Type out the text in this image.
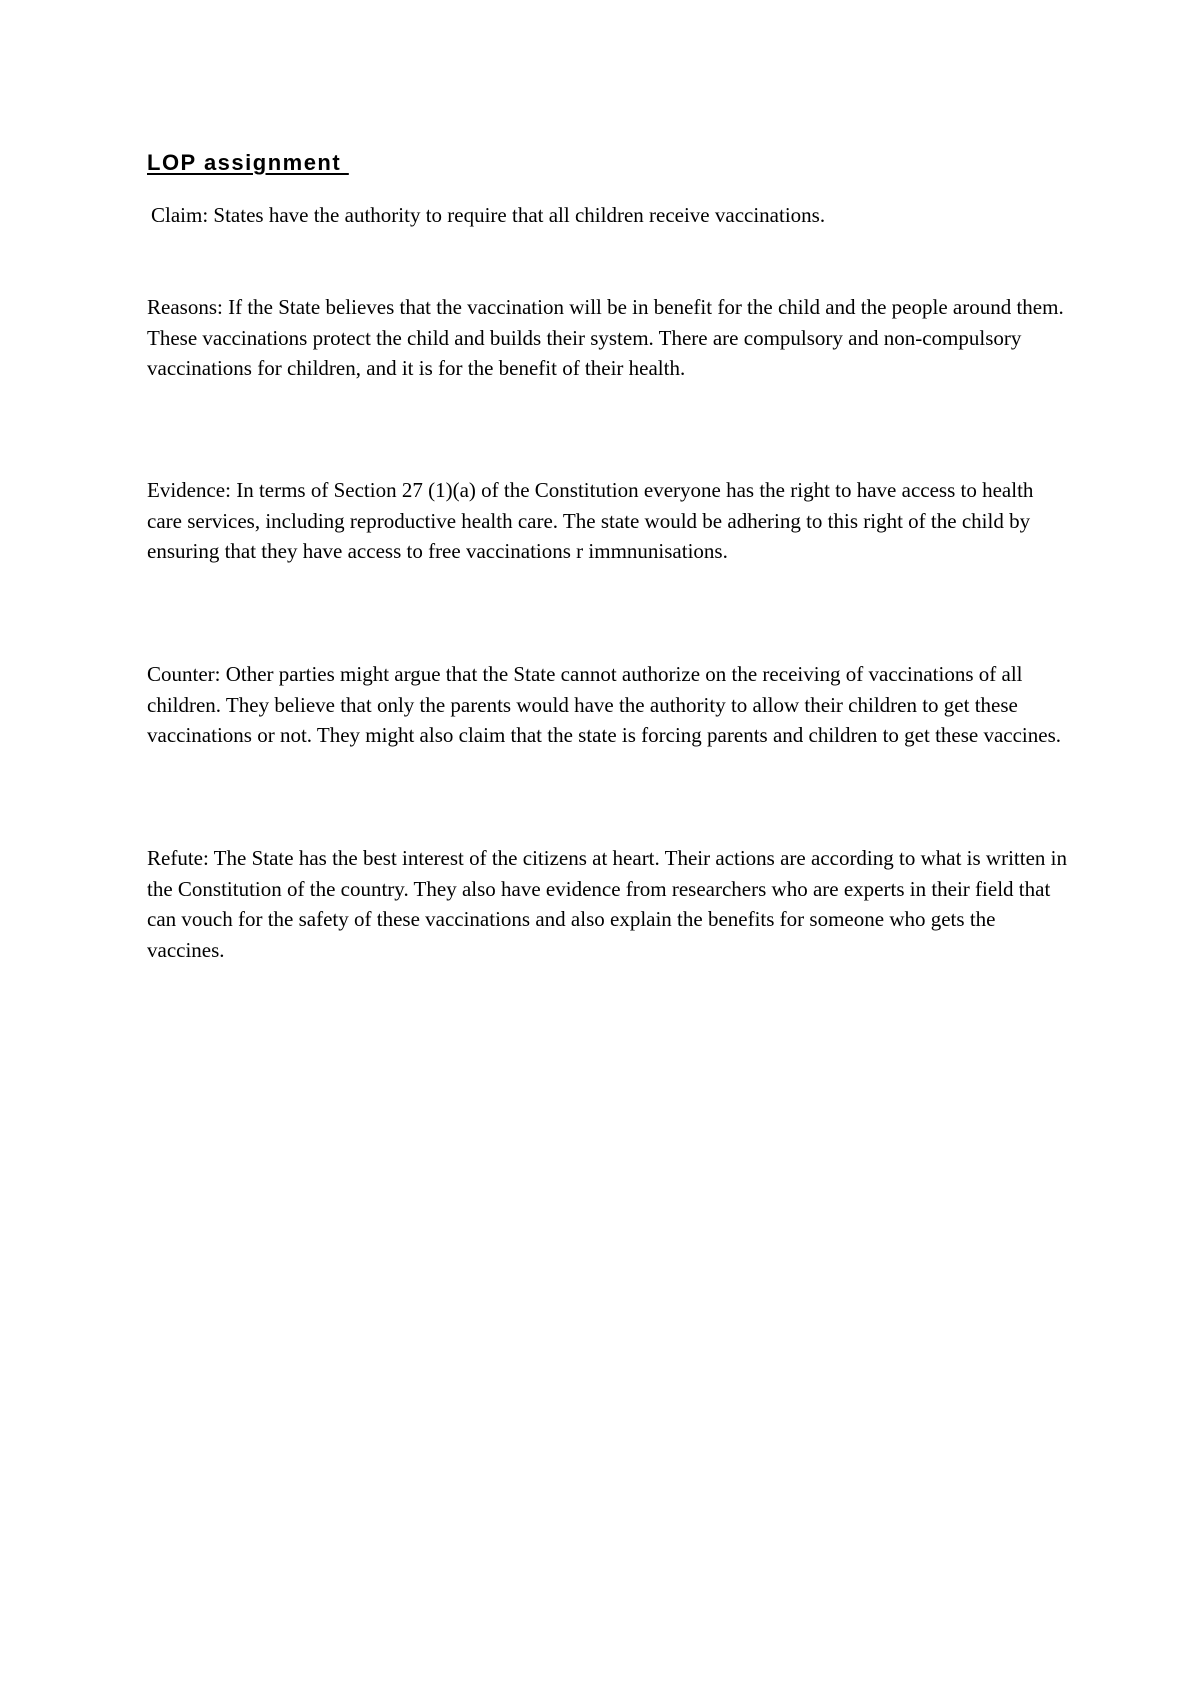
LOP assignment

Claim: States have the authority to require that all children receive vaccinations.

Reasons: If the State believes that the vaccination will be in benefit for the child and the people around them. These vaccinations protect the child and builds their system. There are compulsory and non-compulsory vaccinations for children, and it is for the benefit of their health.

Evidence: In terms of Section 27 (1)(a) of the Constitution everyone has the right to have access to health care services, including reproductive health care. The state would be adhering to this right of the child by ensuring that they have access to free vaccinations r immnunisations.

Counter: Other parties might argue that the State cannot authorize on the receiving of vaccinations of all children. They believe that only the parents would have the authority to allow their children to get these vaccinations or not. They might also claim that the state is forcing parents and children to get these vaccines.

Refute: The State has the best interest of the citizens at heart. Their actions are according to what is written in the Constitution of the country. They also have evidence from researchers who are experts in their field that can vouch for the safety of these vaccinations and also explain the benefits for someone who gets the vaccines.
